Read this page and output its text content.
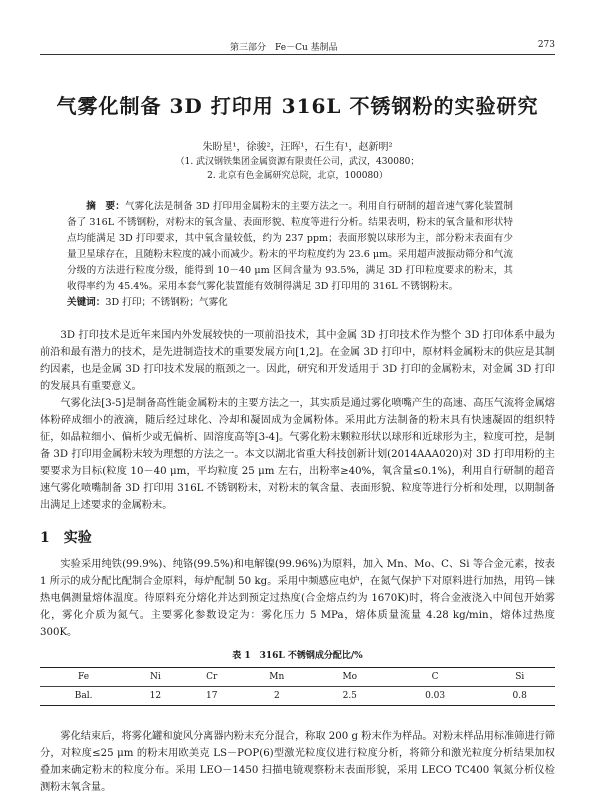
第三部分　Fe－Cu 基制品	273
气雾化制备 3D 打印用 316L 不锈钢粉的实验研究
朱盼星¹，徐骏²，汪晖¹，石生有¹，赵新明²
（1. 武汉钢铁集团金属资源有限责任公司，武汉，430080；
2. 北京有色金属研究总院，北京，100080）
摘　要：气雾化法是制备 3D 打印用金属粉末的主要方法之一。利用自行研制的超音速气雾化装置制备了 316L 不锈钢粉，对粉末的氧含量、表面形貌、粒度等进行分析。结果表明，粉末的氧含量和形状特点均能满足 3D 打印要求，其中氧含量较低，约为 237 ppm；表面形貌以球形为主，部分粉末表面有少量卫星球存在，且随粉末粒度的减小而减少。粉末的平均粒度约为 23.6 μm。采用超声波振动筛分和气流分级的方法进行粒度分级，能得到 10－40 μm 区间含量为 93.5%，满足 3D 打印粒度要求的粉末，其收得率约为 45.4%。采用本套气雾化装置能有效制得满足 3D 打印用的 316L 不锈钢粉末。
关键词：3D 打印；不锈钢粉；气雾化

3D 打印技术是近年来国内外发展较快的一项前沿技术，其中金属 3D 打印技术作为整个 3D 打印体系中最为前沿和最有潜力的技术，是先进制造技术的重要发展方向[1,2]。在金属 3D 打印中，原材料金属粉末的供应是其制约因素，也是金属 3D 打印技术发展的瓶颈之一。因此，研究和开发适用于 3D 打印的金属粉末，对金属 3D 打印的发展具有重要意义。

气雾化法[3-5]是制备高性能金属粉末的主要方法之一，其实质是通过雾化喷嘴产生的高速、高压气流将金属熔体粉碎成细小的液滴，随后经过球化、冷却和凝固成为金属粉体。采用此方法制备的粉末具有快速凝固的组织特征，如晶粒细小、偏析少或无偏析、固溶度高等[3-4]。气雾化粉末颗粒形状以球形和近球形为主，粒度可控，是制备 3D 打印用金属粉末较为理想的方法之一。本文以湖北省重大科技创新计划(2014AAA020)对 3D 打印用粉的主要要求为目标(粒度 10－40 μm，平均粒度 25 μm 左右，出粉率≥40%，氧含量≤0.1%)，利用自行研制的超音速气雾化喷嘴制备 3D 打印用 316L 不锈钢粉末，对粉末的氧含量、表面形貌、粒度等进行分析和处理，以期制备出满足上述要求的金属粉末。

1　实验

实验采用纯铁(99.9%)、纯铬(99.5%)和电解镍(99.96%)为原料，加入 Mn、Mo、C、Si 等合金元素，按表 1 所示的成分配比配制合金原料，每炉配制 50 kg。采用中频感应电炉，在氮气保护下对原料进行加热，用钨－铼热电偶测量熔体温度。待原料充分熔化并达到预定过热度(合金熔点约为 1670K)时，将合金液浇入中间包开始雾化，雾化介质为氮气。主要雾化参数设定为：雾化压力 5 MPa，熔体质量流量 4.28 kg/min，熔体过热度 300K。

表 1　316L 不锈钢成分配比/%
Fe	Ni	Cr	Mn	Mo	C	Si
Bal.	12	17	2	2.5	0.03	0.8

雾化结束后，将雾化罐和旋风分离器内粉末充分混合，称取 200 g 粉末作为样品。对粉末样品用标准筛进行筛分，对粒度≤25 μm 的粉末用欧美克 LS－POP(6)型激光粒度仪进行粒度分析，将筛分和激光粒度分析结果加权叠加来确定粉末的粒度分布。采用 LEO－1450 扫描电镜观察粉末表面形貌，采用 LECO TC400 氧氮分析仪检测粉末氧含量。
